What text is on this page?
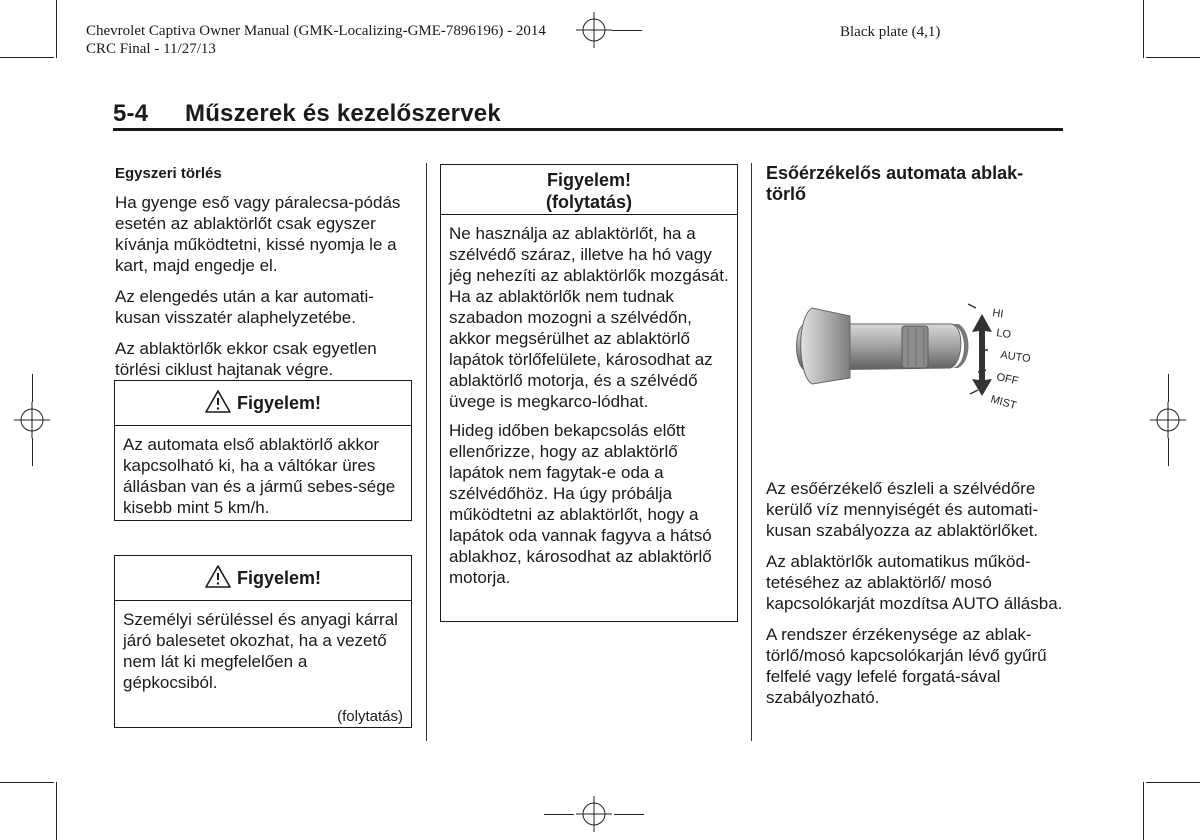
Chevrolet Captiva Owner Manual (GMK-Localizing-GME-7896196) - 2014
CRC Final - 11/27/13
Black plate (4,1)
5-4 Műszerek és kezelőszervek
Egyszeri törlés

Ha gyenge eső vagy páralecsa-pódás esetén az ablaktörlőt csak egyszer kívánja működtetni, kissé nyomja le a kart, majd engedje el.

Az elengedés után a kar automati-kusan visszatér alaphelyzetébe.

Az ablaktörlők ekkor csak egyetlen törlési ciklust hajtanak végre.

Figyelem!
Az automata első ablaktörlő akkor kapcsolható ki, ha a váltókar üres állásban van és a jármű sebes-sége kisebb mint 5 km/h.
Figyelem!
Személyi sérüléssel és anyagi kárral járó balesetet okozhat, ha a vezető nem lát ki megfelelően a gépkocsiból.
(folytatás)
Figyelem!
(folytatás)

Ne használja az ablaktörlőt, ha a szélvédő száraz, illetve ha hó vagy jég nehezíti az ablaktörlők mozgását. Ha az ablaktörlők nem tudnak szabadon mozogni a szélvédőn, akkor megsérülhet az ablaktörlő lapátok törlőfelülete, károsodhat az ablaktörlő motorja, és a szélvédő üvege is megkarco-lódhat.

Hideg időben bekapcsolás előtt ellenőrizze, hogy az ablaktörlő lapátok nem fagytak-e oda a szélvédőhöz. Ha úgy próbálja működtetni az ablaktörlőt, hogy a lapátok oda vannak fagyva a hátsó ablakhoz, károsodhat az ablaktörlő motorja.

Esőérzékelős automata ablak-
törlő
HI
LO
AUTO
OFF
MIST

Az esőérzékelő észleli a szélvédőre kerülő víz mennyiségét és automati-kusan szabályozza az ablaktörlőket.

Az ablaktörlők automatikus működ-tetéséhez az ablaktörlő/ mosó kapcsolókarját mozdítsa AUTO állásba.

A rendszer érzékenysége az ablak-törlő/mosó kapcsolókarján lévő gyűrű felfelé vagy lefelé forgatá-sával szabályozható.
